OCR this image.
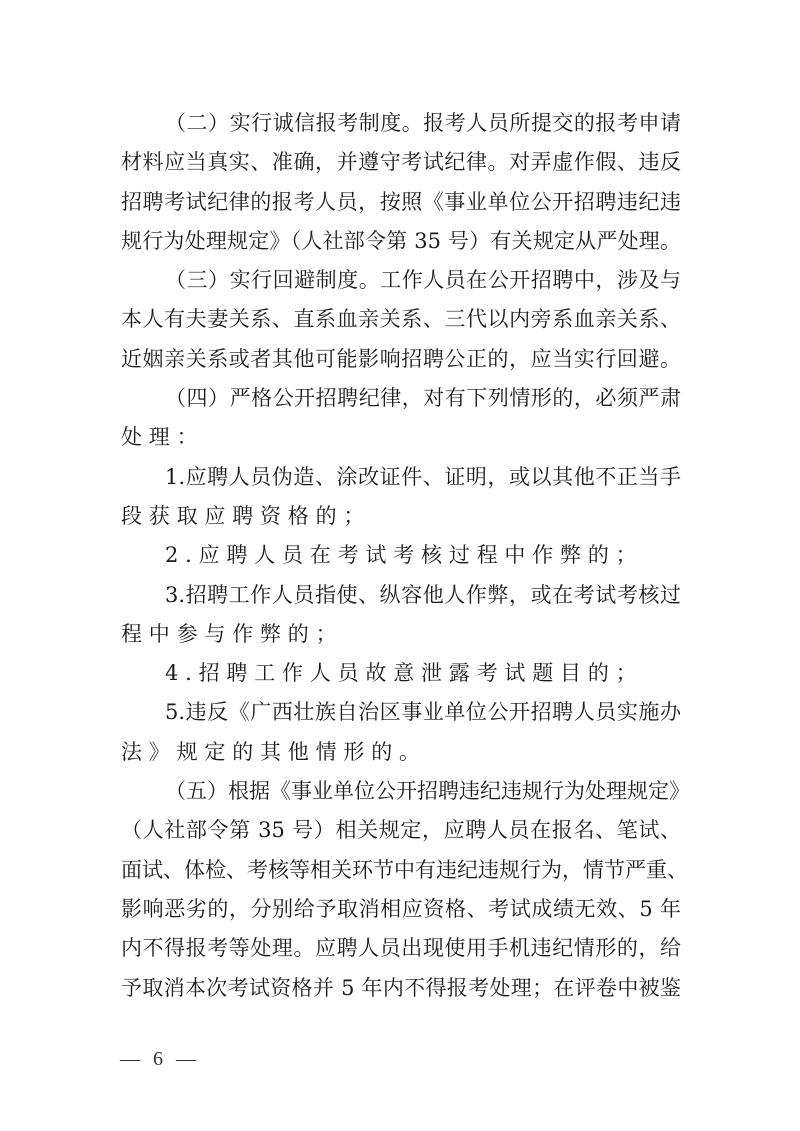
（二）实行诚信报考制度。报考人员所提交的报考申请
材料应当真实、准确，并遵守考试纪律。对弄虚作假、违反
招聘考试纪律的报考人员，按照《事业单位公开招聘违纪违
规行为处理规定》（人社部令第 35 号）有关规定从严处理。
（三）实行回避制度。工作人员在公开招聘中，涉及与
本人有夫妻关系、直系血亲关系、三代以内旁系血亲关系、
近姻亲关系或者其他可能影响招聘公正的，应当实行回避。
（四）严格公开招聘纪律，对有下列情形的，必须严肃
处理：
1.应聘人员伪造、涂改证件、证明，或以其他不正当手
段获取应聘资格的；
2.应聘人员在考试考核过程中作弊的；
3.招聘工作人员指使、纵容他人作弊，或在考试考核过
程中参与作弊的；
4.招聘工作人员故意泄露考试题目的；
5.违反《广西壮族自治区事业单位公开招聘人员实施办
法》规定的其他情形的。
（五）根据《事业单位公开招聘违纪违规行为处理规定》
（人社部令第 35 号）相关规定，应聘人员在报名、笔试、
面试、体检、考核等相关环节中有违纪违规行为，情节严重、
影响恶劣的，分别给予取消相应资格、考试成绩无效、5 年
内不得报考等处理。应聘人员出现使用手机违纪情形的，给
予取消本次考试资格并 5 年内不得报考处理；在评卷中被鉴
— 6 —
